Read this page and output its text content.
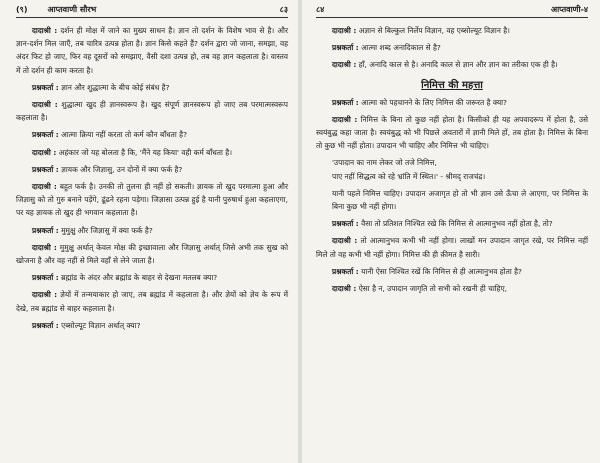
(९)	आप्तवाणी सौरभ	८३

दादाश्री : दर्शन ही मोक्ष में जाने का मुख्य साधन है। ज्ञान तो दर्शन के विशेष भाव से है। और ज्ञान-दर्शन मिल जाएँ, तब चारित्र उत्पन्न होता है। ज्ञान किसे कहते हैं? दर्शन द्वारा जो जाना, समझा, वह अंदर फिट हो जाए, फिर वह दूसरों को समझाए, वैसी दशा उत्पन्न हो, तब वह ज्ञान कहलाता है। वास्तव में तो दर्शन ही काम करता है।

प्रश्नकर्ता : ज्ञान और शुद्धात्मा के बीच कोई संबंध है?

दादाश्री : शुद्धात्मा खुद ही ज्ञानस्वरूप है। खुद संपूर्ण ज्ञानस्वरूप हो जाए तब परमात्मस्वरूप कहलाता है।

प्रश्नकर्ता : आत्मा क्रिया नहीं करता तो कर्म कौन बाँधता है?

दादाश्री : अहंकार जो यह बोलता है कि, 'मैंने यह किया' वही कर्म बाँधता है।

प्रश्नकर्ता : ज्ञायक और जिज्ञासु, उन दोनों में क्या फर्क है?

दादाश्री : बहुत फर्क है। उनकी तो तुलना ही नहीं हो सकती। ज्ञायक तो खुद परमात्मा हुआ और जिज्ञासु को तो गुरु बनाने पड़ेंगे, ढूंढने रहना पड़ेगा। जिज्ञासा उत्पन्न हुई है यानी पुरुषार्थ हुआ कहलाएगा, पर यह ज्ञायक तो खुद ही भगवान कहलाता है।

प्रश्नकर्ता : मुमुक्षु और जिज्ञासु में क्या फर्क है?

दादाश्री : मुमुक्षु अर्थात् केवल मोक्ष की इच्छावाला और जिज्ञासु अर्थात् जिसे अभी तक सुख को खोजना है और वह नहीं से मिले वहाँ से लेने जाता है।

प्रश्नकर्ता : ब्रह्मांड के अंदर और ब्रह्मांड के बाहर से देखना मतलब क्या?

दादाश्री : ज्ञेयों में तन्मयाकार हो जाए, तब ब्रह्मांड में कहलाता है। और ज्ञेयों को ज्ञेय के रूप में देखे, तब ब्रह्मांड से बाहर कहलाता है।

प्रश्नकर्ता : एब्सोल्यूट विज्ञान अर्थात् क्या?

८४	आप्तवाणी-४

दादाश्री : अज्ञान से बिल्कुल निर्लेप विज्ञान, वह एब्सोल्यूट विज्ञान है।

प्रश्नकर्ता : आत्मा शब्द अनादिकाल से है?

दादाश्री : हाँ, अनादि काल से है। अनादि काल से ज्ञान और ज्ञान का तरीका एक ही है।

निमित्त की महत्ता

प्रश्नकर्ता : आत्मा को पहचानने के लिए निमित्त की जरूरत है क्या?

दादाश्री : निमित्त के बिना तो कुछ नहीं होता है। किसीको ही यह अपवादरूप में होता है, उसे स्वयंबुद्ध कहा जाता है। स्वयंबुद्ध को भी पिछले अवतारों में ज्ञानी मिले हों, तब होता है। निमित्त के बिना तो कुछ भी नहीं होता। उपादान भी चाहिए और निमित्त भी चाहिए।

'उपादान का नाम लेकर जो तजे निमित्त,

पाए नहीं सिद्धत्व को रहे भ्रांति में स्थित।' - श्रीमद् राजचंद्र।

यानी पहले निमित्त चाहिए। उपादान अजागृत हो तो भी ज्ञान उसे ऊँचा ले आएगा, पर निमित्त के बिना कुछ भी नहीं होगा।

प्रश्नकर्ता : वैसा तो प्रतिशत निश्चित रखे कि निमित्त से आत्मानुभव नहीं होता है, तो?

दादाश्री : तो आत्मानुभव कभी भी नहीं होगा। लाखों मन उपादान जागृत रखे, पर निमित्त नहीं मिले तो वह कभी भी नहीं होगा। निमित्त की ही क़ीमत है सारी।

प्रश्नकर्ता : यानी ऐसा निश्चित रखें कि निमित्त से ही आत्मानुभव होता है?

दादाश्री : ऐसा है न, उपादान जागृति तो सभी को रखनी ही चाहिए,
